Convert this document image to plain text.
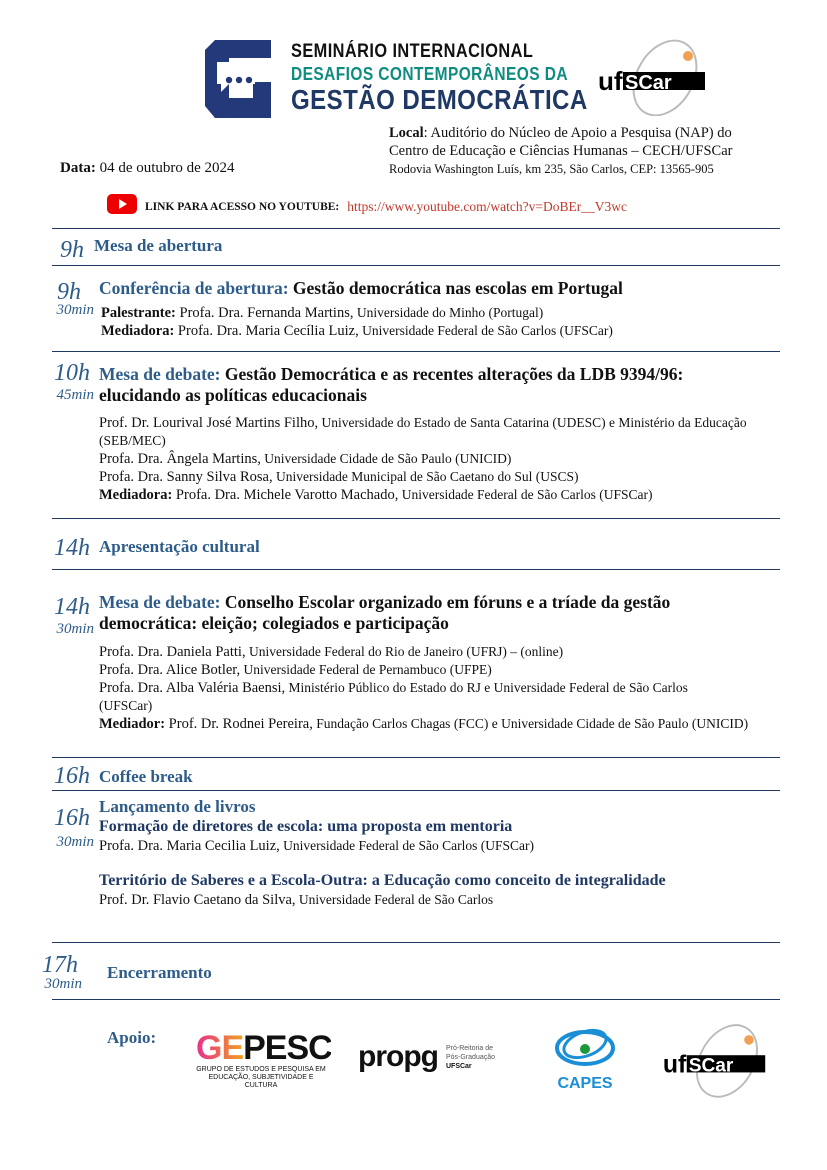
SEMINÁRIO INTERNACIONAL
DESAFIOS CONTEMPORÂNEOS DA
GESTÃO DEMOCRÁTICA
uf SCar
Local: Auditório do Núcleo de Apoio a Pesquisa (NAP) do
Centro de Educação e Ciências Humanas – CECH/UFSCar
Rodovia Washington Luís, km 235, São Carlos, CEP: 13565-905
Data: 04 de outubro de 2024
LINK PARA ACESSO NO YOUTUBE: https://www.youtube.com/watch?v=DoBEr__V3wc
9h Mesa de abertura
9h
30min
Conferência de abertura: Gestão democrática nas escolas em Portugal
Palestrante: Profa. Dra. Fernanda Martins, Universidade do Minho (Portugal)
Mediadora: Profa. Dra. Maria Cecília Luiz, Universidade Federal de São Carlos (UFSCar)
10h
45min
Mesa de debate: Gestão Democrática e as recentes alterações da LDB 9394/96: elucidando as políticas educacionais
Prof. Dr. Lourival José Martins Filho, Universidade do Estado de Santa Catarina (UDESC) e Ministério da Educação (SEB/MEC)
Profa. Dra. Ângela Martins, Universidade Cidade de São Paulo (UNICID)
Profa. Dra. Sanny Silva Rosa, Universidade Municipal de São Caetano do Sul (USCS)
Mediadora: Profa. Dra. Michele Varotto Machado, Universidade Federal de São Carlos (UFSCar)
14h Apresentação cultural
14h
30min
Mesa de debate: Conselho Escolar organizado em fóruns e a tríade da gestão democrática: eleição; colegiados e participação
Profa. Dra. Daniela Patti, Universidade Federal do Rio de Janeiro (UFRJ) – (online)
Profa. Dra. Alice Botler, Universidade Federal de Pernambuco (UFPE)
Profa. Dra. Alba Valéria Baensi, Ministério Público do Estado do RJ e Universidade Federal de São Carlos (UFSCar)
Mediador: Prof. Dr. Rodnei Pereira, Fundação Carlos Chagas (FCC) e Universidade Cidade de São Paulo (UNICID)
16h Coffee break
16h
30min
Lançamento de livros
Formação de diretores de escola: uma proposta em mentoria
Profa. Dra. Maria Cecilia Luiz, Universidade Federal de São Carlos (UFSCar)
Território de Saberes e a Escola-Outra: a Educação como conceito de integralidade
Prof. Dr. Flavio Caetano da Silva, Universidade Federal de São Carlos
17h
30min
Encerramento
Apoio: GEPESC
GRUPO DE ESTUDOS E PESQUISA EM EDUCAÇÃO, SUBJETIVIDADE E CULTURA
propg Pró-Reitoria de
Pós-Graduação
UFSCar
CAPES
uf SCar
